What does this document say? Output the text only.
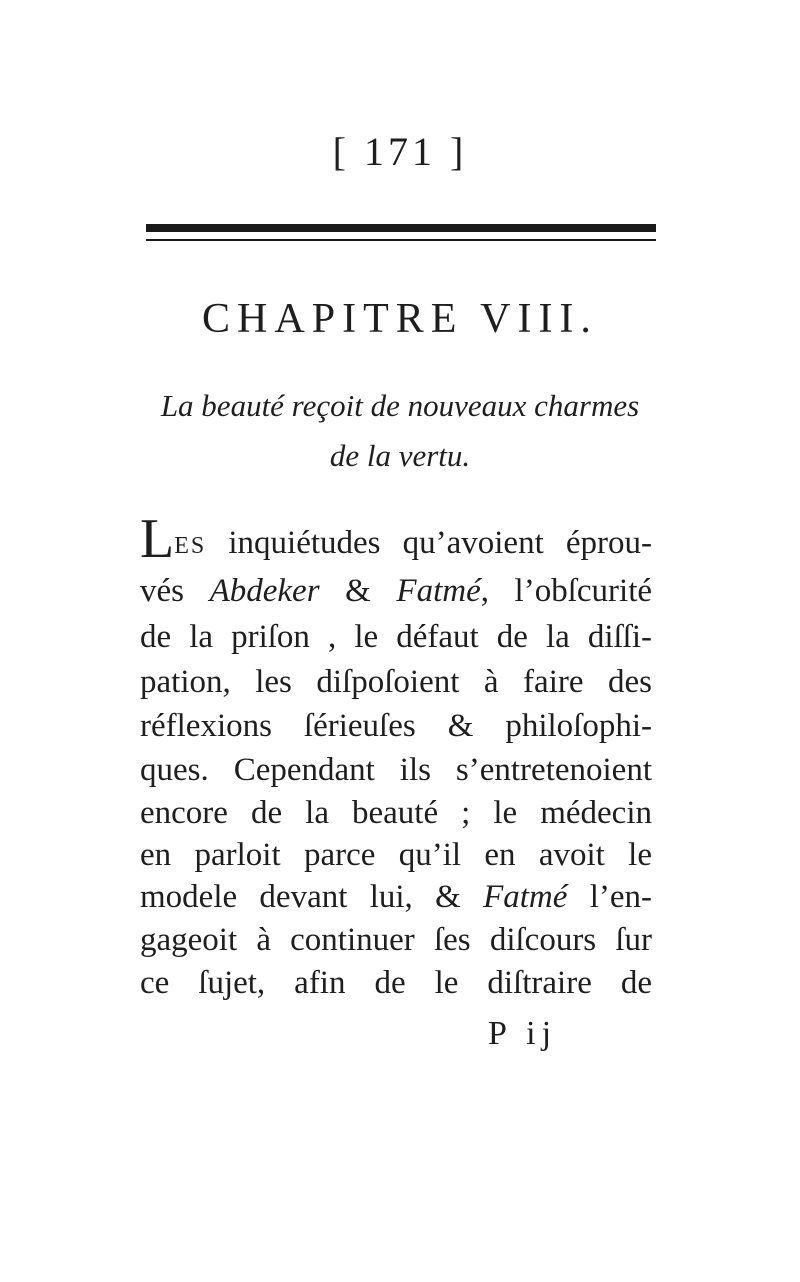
[ 171 ]
CHAPITRE VIII.
La beauté reçoit de nouveaux charmes
de la vertu.
LES inquiétudes qu’avoient éprou-
vés Abdeker & Fatmé, l’obſcurité
de la priſon , le défaut de la diſſi-
pation, les diſpoſoient à faire des
réflexions ſérieuſes & philoſophi-
ques. Cependant ils s’entretenoient
encore de la beauté ; le médecin
en parloit parce qu’il en avoit le
modele devant lui, & Fatmé l’en-
gageoit à continuer ſes diſcours ſur
ce ſujet, afin de le diſtraire de
P ij
